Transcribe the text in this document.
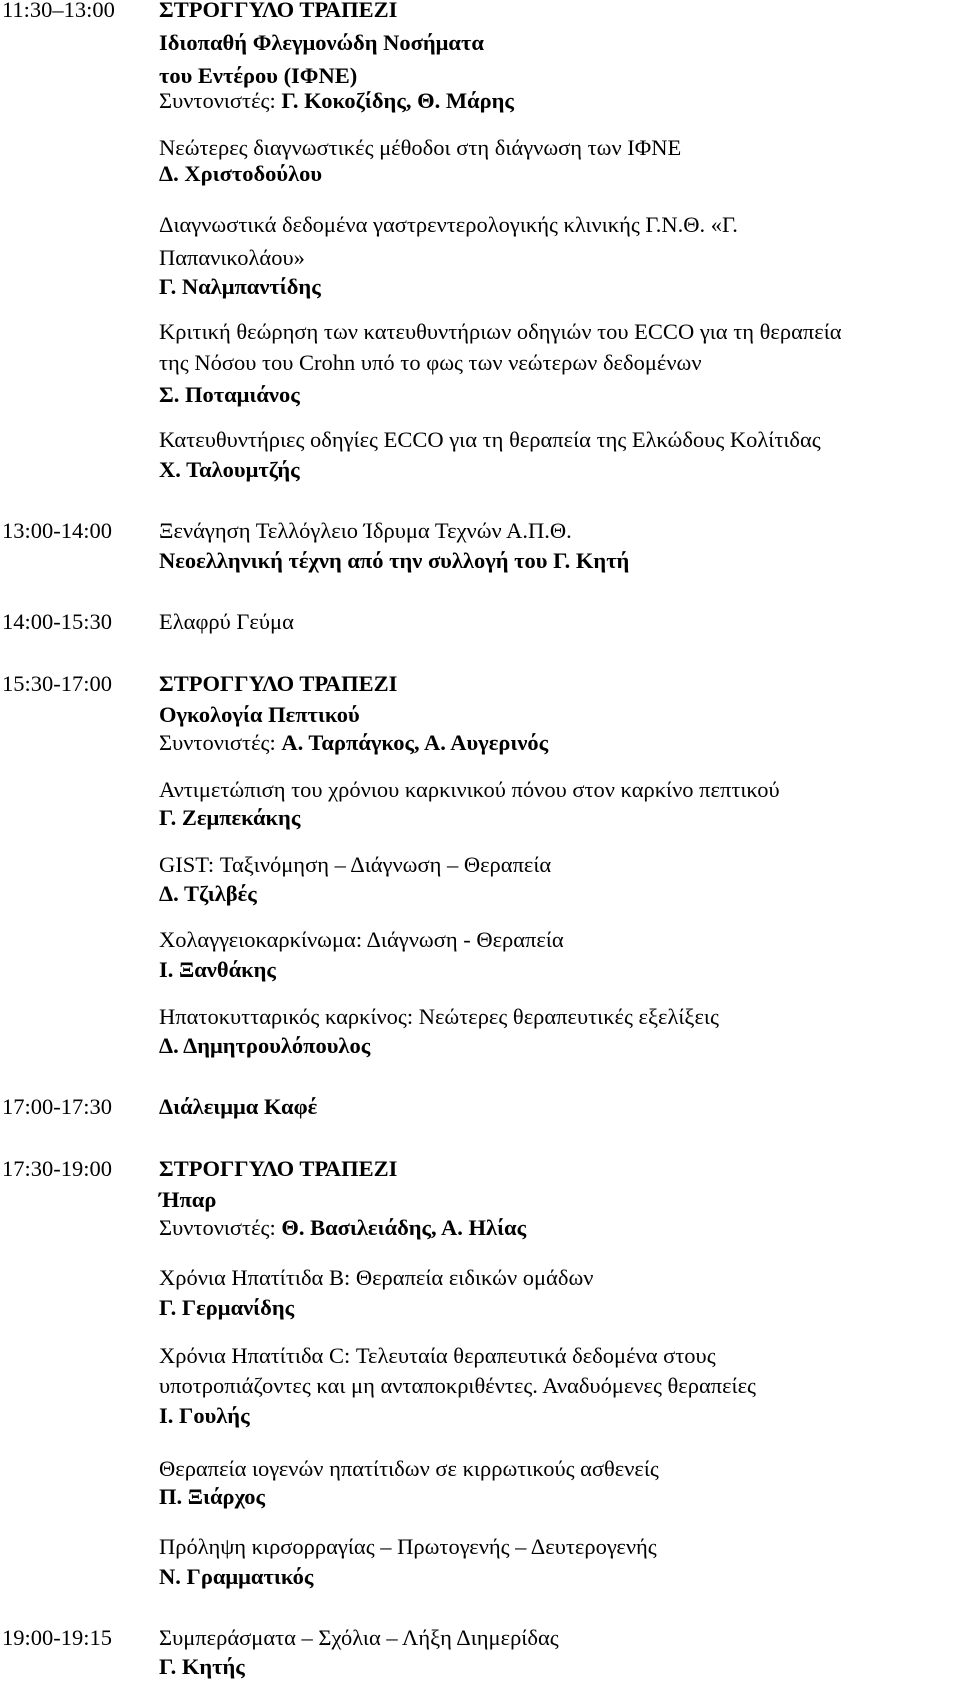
11:30–13:00 ΣΤΡΟΓΓΥΛΟ ΤΡΑΠΕΖΙ
Ιδιοπαθή Φλεγμονώδη Νοσήματα
του Εντέρου (ΙΦΝΕ)
Συντονιστές: Γ. Κοκοζίδης, Θ. Μάρης
Νεώτερες διαγνωστικές μέθοδοι στη διάγνωση των ΙΦΝΕ
Δ. Χριστοδούλου
Διαγνωστικά δεδομένα γαστρεντερολογικής κλινικής Γ.Ν.Θ. «Γ.
Παπανικολάου»
Γ. Ναλμπαντίδης
Κριτική θεώρηση των κατευθυντήριων οδηγιών του ECCO για τη θεραπεία
της Νόσου του Crohn υπό το φως των νεώτερων δεδομένων
Σ. Ποταμιάνος
Κατευθυντήριες οδηγίες ECCO για τη θεραπεία της Ελκώδους Κολίτιδας
Χ. Ταλουμτζής
13:00-14:00 Ξενάγηση Τελλόγλειο Ίδρυμα Τεχνών Α.Π.Θ.
Νεοελληνική τέχνη από την συλλογή του Γ. Κητή
14:00-15:30 Ελαφρύ Γεύμα
15:30-17:00 ΣΤΡΟΓΓΥΛΟ ΤΡΑΠΕΖΙ
Ογκολογία Πεπτικού
Συντονιστές: Α. Ταρπάγκος, Α. Αυγερινός
Αντιμετώπιση του χρόνιου καρκινικού πόνου στον καρκίνο πεπτικού
Γ. Ζεμπεκάκης
GIST: Ταξινόμηση – Διάγνωση – Θεραπεία
Δ. Τζιλβές
Χολαγγειοκαρκίνωμα: Διάγνωση - Θεραπεία
Ι. Ξανθάκης
Ηπατοκυτταρικός καρκίνος: Νεώτερες θεραπευτικές εξελίξεις
Δ. Δημητρουλόπουλος
17:00-17:30 Διάλειμμα Καφέ
17:30-19:00 ΣΤΡΟΓΓΥΛΟ ΤΡΑΠΕΖΙ
Ήπαρ
Συντονιστές: Θ. Βασιλειάδης, Α. Ηλίας
Χρόνια Ηπατίτιδα Β: Θεραπεία ειδικών ομάδων
Γ. Γερμανίδης
Χρόνια Ηπατίτιδα C: Τελευταία θεραπευτικά δεδομένα στους
υποτροπιάζοντες και μη ανταποκριθέντες. Αναδυόμενες θεραπείες
Ι. Γουλής
Θεραπεία ιογενών ηπατίτιδων σε κιρρωτικούς ασθενείς
Π. Ξιάρχος
Πρόληψη κιρσορραγίας – Πρωτογενής – Δευτερογενής
Ν. Γραμματικός
19:00-19:15 Συμπεράσματα – Σχόλια – Λήξη Διημερίδας
Γ. Κητής
